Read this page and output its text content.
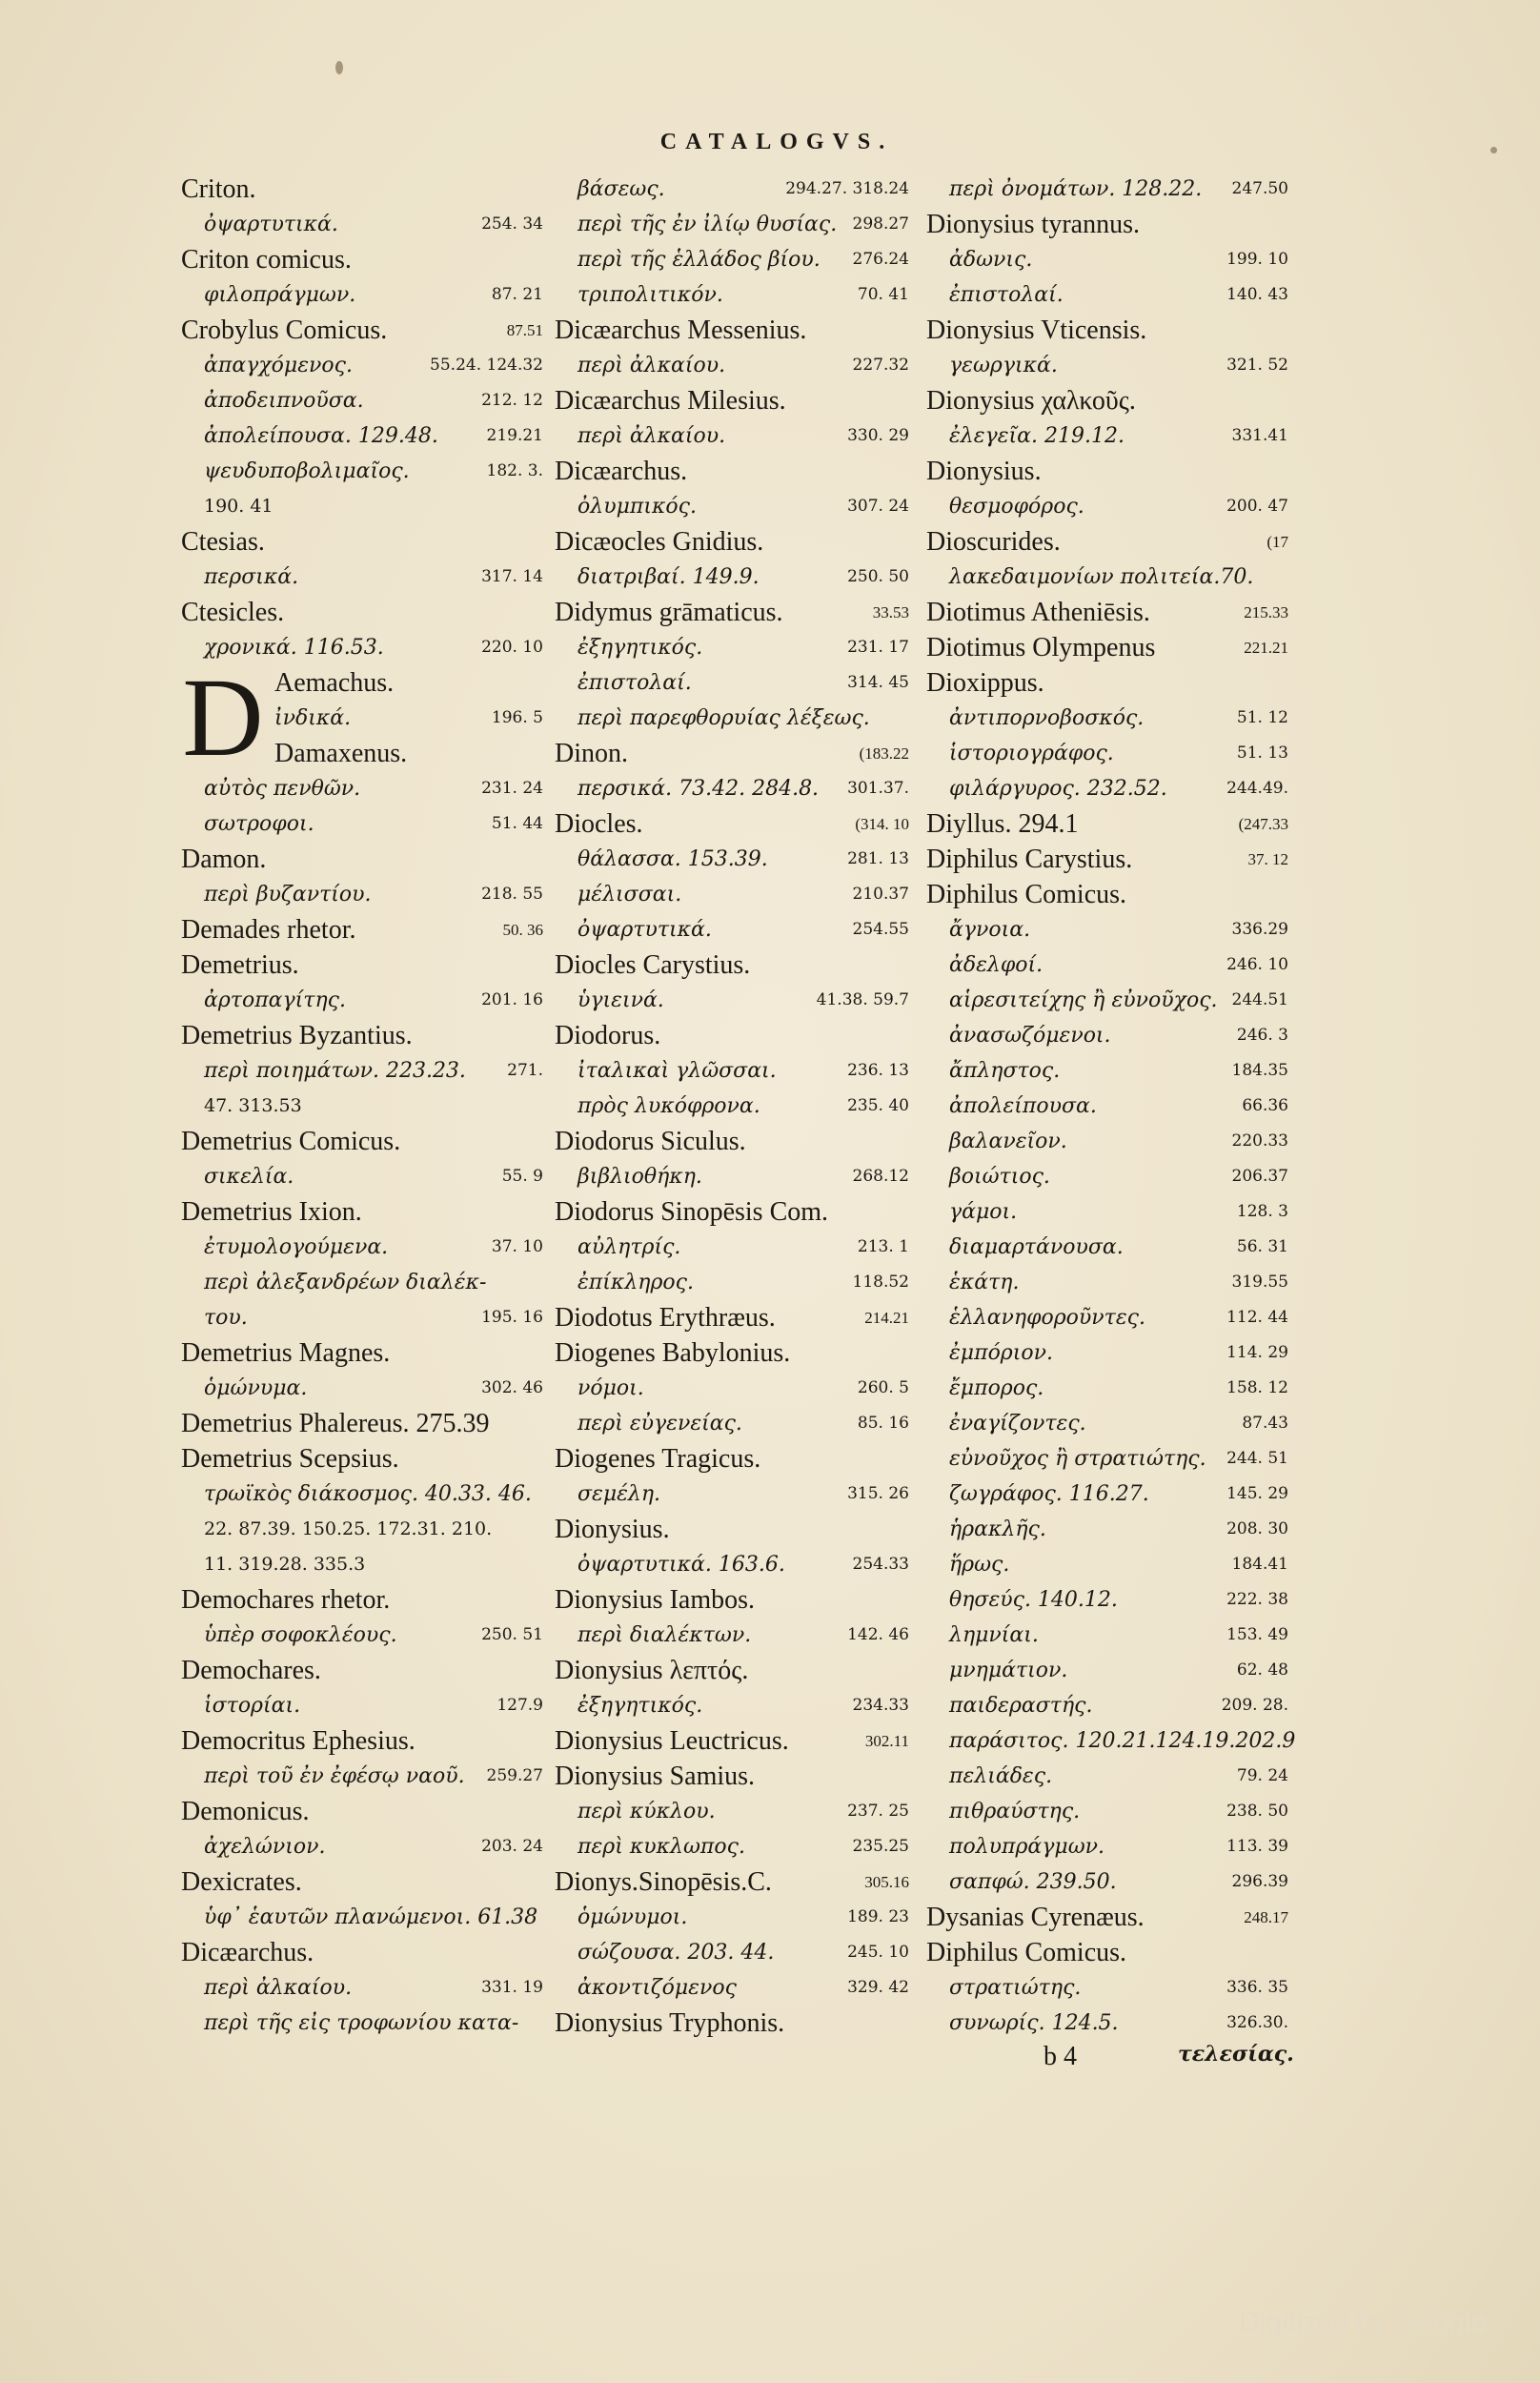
CATALOGVS.
Criton.
ὀψαρτυτικά.	254. 34
Criton comicus.
φιλοπράγμων.	87. 21
Crobylus Comicus.	87.51
ἀπαγχόμενος.	55.24. 124.32
ἀποδειπνοῦσα.	212. 12
ἀπολείπουσα. 129.48.	219.21
ψευδυποβολιμαῖος.	182. 3.
190. 41
Ctesias.
περσικά.	317. 14
Ctesicles.
χρονικά. 116.53.	220. 10
D Aemachus.
ἰνδικά.	196. 5
Damaxenus.
αὐτὸς πενθῶν.	231. 24
σωτροφοι.	51. 44
Damon.
περὶ βυζαντίου.	218. 55
Demades rhetor.	50. 36
Demetrius.
ἀρτοπαγίτης.	201. 16
Demetrius Byzantius.
περὶ ποιημάτων. 223.23.	271.
47. 313.53
Demetrius Comicus.
σικελία.	55. 9
Demetrius Ixion.
ἐτυμολογούμενα.	37. 10
περὶ ἀλεξανδρέων διαλέκ-
του.	195. 16
Demetrius Magnes.
ὁμώνυμα.	302. 46
Demetrius Phalereus. 275.39
Demetrius Scepsius.
τρωϊκὸς διάκοσμος. 40.33. 46.
22. 87.39. 150.25. 172.31. 210.
11. 319.28. 335.3
Demochares rhetor.
ὑπὲρ σοφοκλέους.	250. 51
Demochares.
ἱστορίαι.	127.9
Democritus Ephesius.
περὶ τοῦ ἐν ἐφέσῳ ναοῦ. 259.27
Demonicus.
ἀχελώνιον.	203. 24
Dexicrates.
ὑφ᾽ ἑαυτῶν πλανώμενοι. 61.38
Dicæarchus.
περὶ ἀλκαίου.	331. 19
περὶ τῆς εἰς τροφωνίου κατα-
βάσεως.	294.27. 318.24
περὶ τῆς ἐν ἰλίῳ θυσίας. 298.27
περὶ τῆς ἑλλάδος βίου. 276.24
τριπολιτικόν.	70. 41
Dicæarchus Messenius.
περὶ ἀλκαίου.	227.32
Dicæarchus Milesius.
περὶ ἀλκαίου.	330. 29
Dicæarchus.
ὀλυμπικός.	307. 24
Dicæocles Gnidius.
διατριβαί. 149.9.	250. 50
Didymus grāmaticus.	33.53
ἐξηγητικός.	231. 17
ἐπιστολαί.	314. 45
περὶ παρεφθορυίας λέξεως.
Dinon.	(183.22
περσικά. 73.42. 284.8. 301.37.
Diocles.	(314. 10
θάλασσα. 153.39.	281. 13
μέλισσαι.	210.37
ὀψαρτυτικά.	254.55
Diocles Carystius.
ὑγιεινά.	41.38. 59.7
Diodorus.
ἰταλικαὶ γλῶσσαι.	236. 13
πρὸς λυκόφρονα.	235. 40
Diodorus Siculus.
βιβλιοθήκη.	268.12
Diodorus Sinopēsis Com.
αὐλητρίς.	213. 1
ἐπίκληρος.	118.52
Diodotus Erythræus.	214.21
Diogenes Babylonius.
νόμοι.	260. 5
περὶ εὐγενείας.	85. 16
Diogenes Tragicus.
σεμέλη.	315. 26
Dionysius.
ὀψαρτυτικά. 163.6.	254.33
Dionysius Iambos.
περὶ διαλέκτων.	142. 46
Dionysius λεπτός.
ἐξηγητικός.	234.33
Dionysius Leuctricus.	302.11
Dionysius Samius.
περὶ κύκλου.	237. 25
περὶ κυκλωπος.	235.25
Dionys.Sinopēsis.C.	305.16
ὁμώνυμοι.	189. 23
σώζουσα. 203. 44.	245. 10
ἀκοντιζόμενος	329. 42
Dionysius Tryphonis.
περὶ ὀνομάτων. 128.22. 247.50
Dionysius tyrannus.
ἀδωνις.	199. 10
ἐπιστολαί.	140. 43
Dionysius Vticensis.
γεωργικά.	321. 52
Dionysius χαλκοῦς.
ἐλεγεῖα. 219.12.	331.41
Dionysius.
θεσμοφόρος.	200. 47
Dioscurides.	(17
λακεδαιμονίων πολιτεία.70.
Diotimus Atheniēsis.	215.33
Diotimus Olympenus	221.21
Dioxippus.
ἀντιπορνοβοσκός.	51. 12
ἱστοριογράφος.	51. 13
φιλάργυρος. 232.52.	244.49.
Diyllus. 294.1	(247.33
Diphilus Carystius.	37. 12
Diphilus Comicus.
ἄγνοια.	336.29
ἀδελφοί.	246. 10
αἱρεσιτείχης ἢ εὐνοῦχος. 244.51
ἀνασωζόμενοι.	246. 3
ἄπληστος.	184.35
ἀπολείπουσα.	66.36
βαλανεῖον.	220.33
βοιώτιος.	206.37
γάμοι.	128. 3
διαμαρτάνουσα.	56. 31
ἑκάτη.	319.55
ἑλλανηφοροῦντες.	112. 44
ἐμπόριον.	114. 29
ἔμπορος.	158. 12
ἐναγίζοντες.	87.43
εὐνοῦχος ἢ στρατιώτης. 244. 51
ζωγράφος. 116.27.	145. 29
ἡρακλῆς.	208. 30
ἥρως.	184.41
θησεύς. 140.12.	222. 38
λημνίαι.	153. 49
μνημάτιον.	62. 48
παιδεραστής.	209. 28.
παράσιτος. 120.21.124.19.202.9
πελιάδες.	79. 24
πιθραύστης.	238. 50
πολυπράγμων.	113. 39
σαπφώ. 239.50.	296.39
Dysanias Cyrenæus.	248.17
Diphilus Comicus.
στρατιώτης.	336. 35
συνωρίς. 124.5.	326.30.
b 4	τελεσίας.
Digitized by Google
